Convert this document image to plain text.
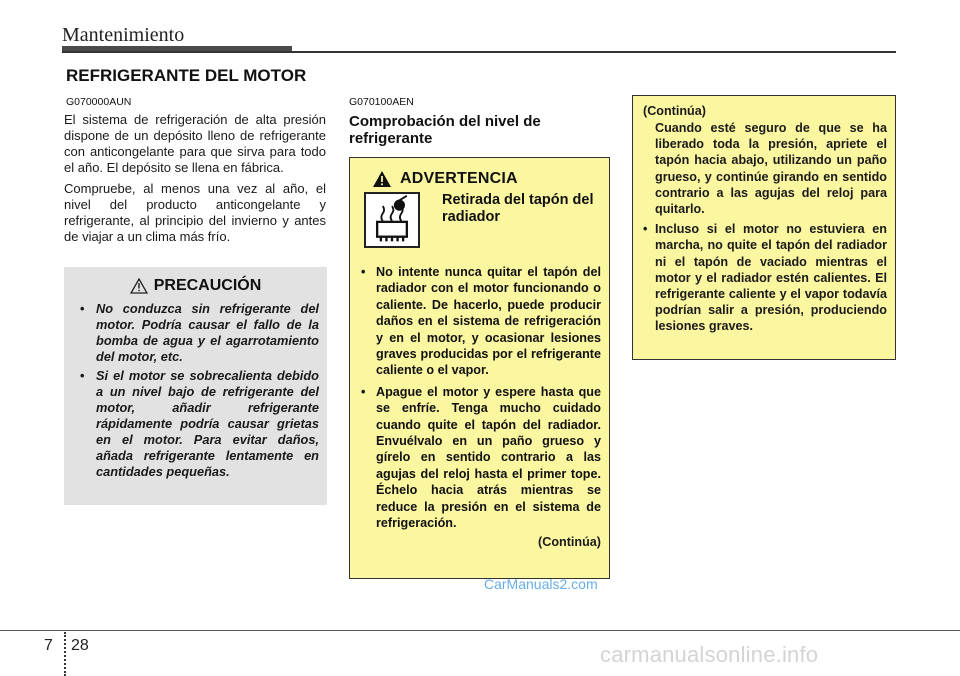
Mantenimiento
REFRIGERANTE DEL MOTOR
G070000AUN

El sistema de refrigeración de alta presión dispone de un depósito lleno de refrigerante con anticongelante para que sirva para todo el año. El depósito se llena en fábrica.

Compruebe, al menos una vez al año, el nivel del producto anticongelante y refrigerante, al principio del invierno y antes de viajar a un clima más frío.

PRECAUCIÓN
• No conduzca sin refrigerante del motor. Podría causar el fallo de la bomba de agua y el agarrotamiento del motor, etc.
• Si el motor se sobrecalienta debido a un nivel bajo de refrigerante del motor, añadir refrigerante rápidamente podría causar grietas en el motor. Para evitar daños, añada refrigerante lentamente en cantidades pequeñas.
G070100AEN
Comprobación del nivel de refrigerante
ADVERTENCIA
Retirada del tapón del radiador
• No intente nunca quitar el tapón del radiador con el motor funcionando o caliente. De hacerlo, puede producir daños en el sistema de refrigeración y en el motor, y ocasionar lesiones graves producidas por el refrigerante caliente o el vapor.
• Apague el motor y espere hasta que se enfríe. Tenga mucho cuidado cuando quite el tapón del radiador. Envuélvalo en un paño grueso y gírelo en sentido contrario a las agujas del reloj hasta el primer tope. Échelo hacia atrás mientras se reduce la presión en el sistema de refrigeración.
(Continúa)
(Continúa)
Cuando esté seguro de que se ha liberado toda la presión, apriete el tapón hacia abajo, utilizando un paño grueso, y continúe girando en sentido contrario a las agujas del reloj para quitarlo.
• Incluso si el motor no estuviera en marcha, no quite el tapón del radiador ni el tapón de vaciado mientras el motor y el radiador estén calientes. El refrigerante caliente y el vapor todavía podrían salir a presión, produciendo lesiones graves.
CarManuals2.com
carmanualsonline.info
7 28
